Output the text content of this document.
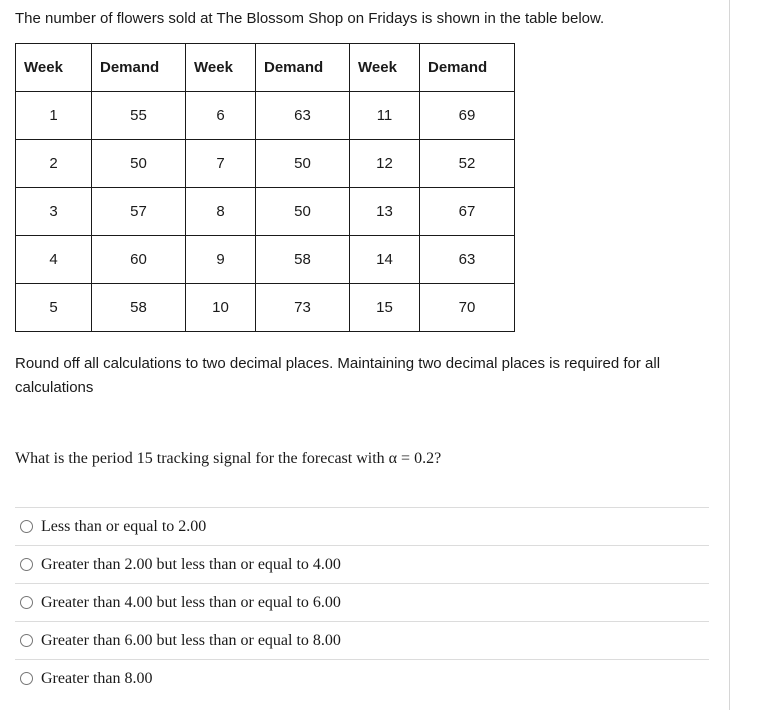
The number of flowers sold at The Blossom Shop on Fridays is shown in the table below.
Week	Demand	Week	Demand	Week	Demand
1	55	6	63	11	69
2	50	7	50	12	52
3	57	8	50	13	67
4	60	9	58	14	63
5	58	10	73	15	70
Round off all calculations to two decimal places. Maintaining two decimal places is required for all calculations
What is the period 15 tracking signal for the forecast with α = 0.2?
Less than or equal to 2.00
Greater than 2.00 but less than or equal to 4.00
Greater than 4.00 but less than or equal to 6.00
Greater than 6.00 but less than or equal to 8.00
Greater than 8.00
